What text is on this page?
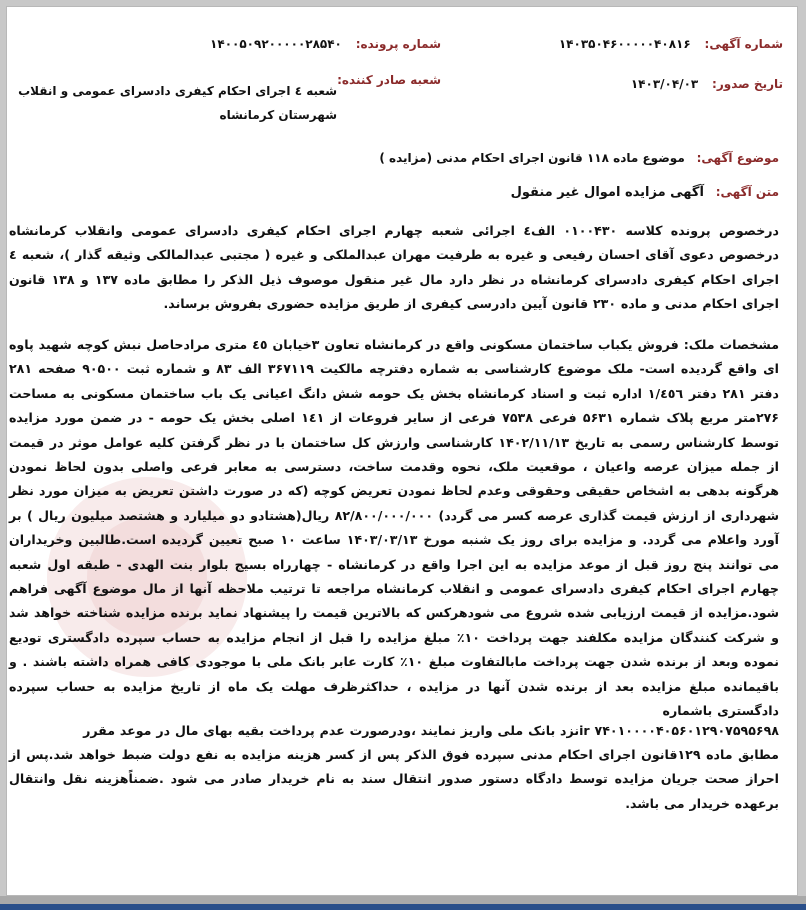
شماره آگهی: ۱۴۰۳۵۰۴۶۰۰۰۰۰۴۰۸۱۶
تاریخ صدور: ۱۴۰۳/۰۴/۰۳
شماره پرونده: ۱۴۰۰۵۰۹۲۰۰۰۰۰۲۸۵۴۰
شعبه صادر کننده:
شعبه ٤ اجرای احکام کیفری دادسرای عمومی و انقلاب
شهرستان کرمانشاه
موضوع آگهی: موضوع ماده ۱۱۸ قانون اجرای احکام مدنی (مزایده )
متن آگهی: آگهی مزایده اموال غیر منقول
درخصوص پرونده کلاسه ۰۱۰۰۴۳۰ الف٤ اجرائی شعبه چهارم اجرای احکام کیفری دادسرای عمومی وانقلاب کرمانشاه درخصوص دعوی آقای احسان رفیعی و غیره به طرفیت مهران عبدالملکی و غیره ( مجتبی عبدالمالکی وثیقه گذار )، شعبه ٤ اجرای احکام کیفری دادسرای کرمانشاه در نظر دارد مال غیر منقول موصوف ذیل الذکر را مطابق ماده ۱۳۷ و ۱۳۸ قانون اجرای احکام مدنی و ماده ۲۳۰ قانون آیین دادرسی کیفری از طریق مزایده حضوری بفروش برساند.
مشخصات ملک: فروش یکباب ساختمان مسکونی واقع در کرمانشاه تعاون ۳خیابان ٤٥ متری مرادحاصل نبش کوچه شهید پاوه ای واقع گردیده است- ملک موضوع کارشناسی به شماره دفترچه مالکیت ۳۶۷۱۱۹ الف ۸۳ و شماره ثبت ۹۰۵۰۰ صفحه ۲۸۱ دفتر ۲۸۱ دفتر ۱/٤٥٦ اداره ثبت و اسناد کرمانشاه بخش یک حومه شش دانگ اعیانی یک باب ساختمان مسکونی به مساحت ۲۷۶متر مربع پلاک شماره ۵۶۳۱ فرعی ۷۵۳۸ فرعی از سایر فروعات از ۱٤۱ اصلی بخش یک حومه - در ضمن مورد مزایده توسط کارشناس رسمی به تاریخ ۱۴۰۲/۱۱/۱۳ کارشناسی وارزش کل ساختمان با در نظر گرفتن کلیه عوامل موثر در قیمت از جمله میزان عرصه واعیان ، موقعیت ملک، نحوه وقدمت ساخت، دسترسی به معابر فرعی واصلی بدون لحاظ نمودن هرگونه بدهی به اشخاص حقیقی وحقوقی وعدم لحاظ نمودن تعریض کوچه (که در صورت داشتن تعریض به میزان مورد نظر شهرداری از ارزش قیمت گذاری عرصه کسر می گردد) ۸۲/۸۰۰/۰۰۰/۰۰۰ ریال(هشتادو دو میلیارد و هشتصد میلیون ریال ) بر آورد واعلام می گردد. و مزایده برای روز یک شنبه مورخ ۱۴۰۳/۰۳/۱۳ ساعت ۱۰ صبح تعیین گردیده است.طالبین وخریداران می توانند پنج روز قبل از موعد مزایده به این اجرا واقع در کرمانشاه - چهارراه بسیج بلوار بنت الهدی - طبقه اول شعبه چهارم اجرای احکام کیفری دادسرای عمومی و انقلاب کرمانشاه مراجعه تا ترتیب ملاحظه آنها از مال موضوع آگهی فراهم شود.مزایده از قیمت ارزیابی شده شروع می شودهرکس که بالاترین قیمت را پیشنهاد نماید برنده مزایده شناخته خواهد شد و شرکت کنندگان مزایده مکلفند جهت پرداخت ۱۰٪ مبلغ مزایده را قبل از انجام مزایده به حساب سپرده دادگستری تودیع نموده وبعد از برنده شدن جهت پرداخت مابالتفاوت مبلغ ۱۰٪ کارت عابر بانک ملی با موجودی کافی همراه داشته باشند . و باقیمانده مبلغ مزایده بعد از برنده شدن آنها در مزایده ، حداکثرظرف مهلت یک ماه از تاریخ مزایده به حساب سپرده دادگستری باشماره
ir ۷۴۰۱۰۰۰۰۴۰۵۶۰۱۲۹۰۷۵۹۵۶۹۸نزد بانک ملی واریز نمایند ،ودرصورت عدم پرداخت بقیه بهای مال در موعد مقرر
مطابق ماده ۱۲۹قانون اجرای احکام مدنی سپرده فوق الذکر پس از کسر هزینه مزایده به نفع دولت ضبط خواهد شد.پس از احراز صحت جریان مزایده توسط دادگاه دستور صدور انتقال سند به نام خریدار صادر می شود .ضمناًهزینه نقل وانتقال برعهده خریدار می باشد.
